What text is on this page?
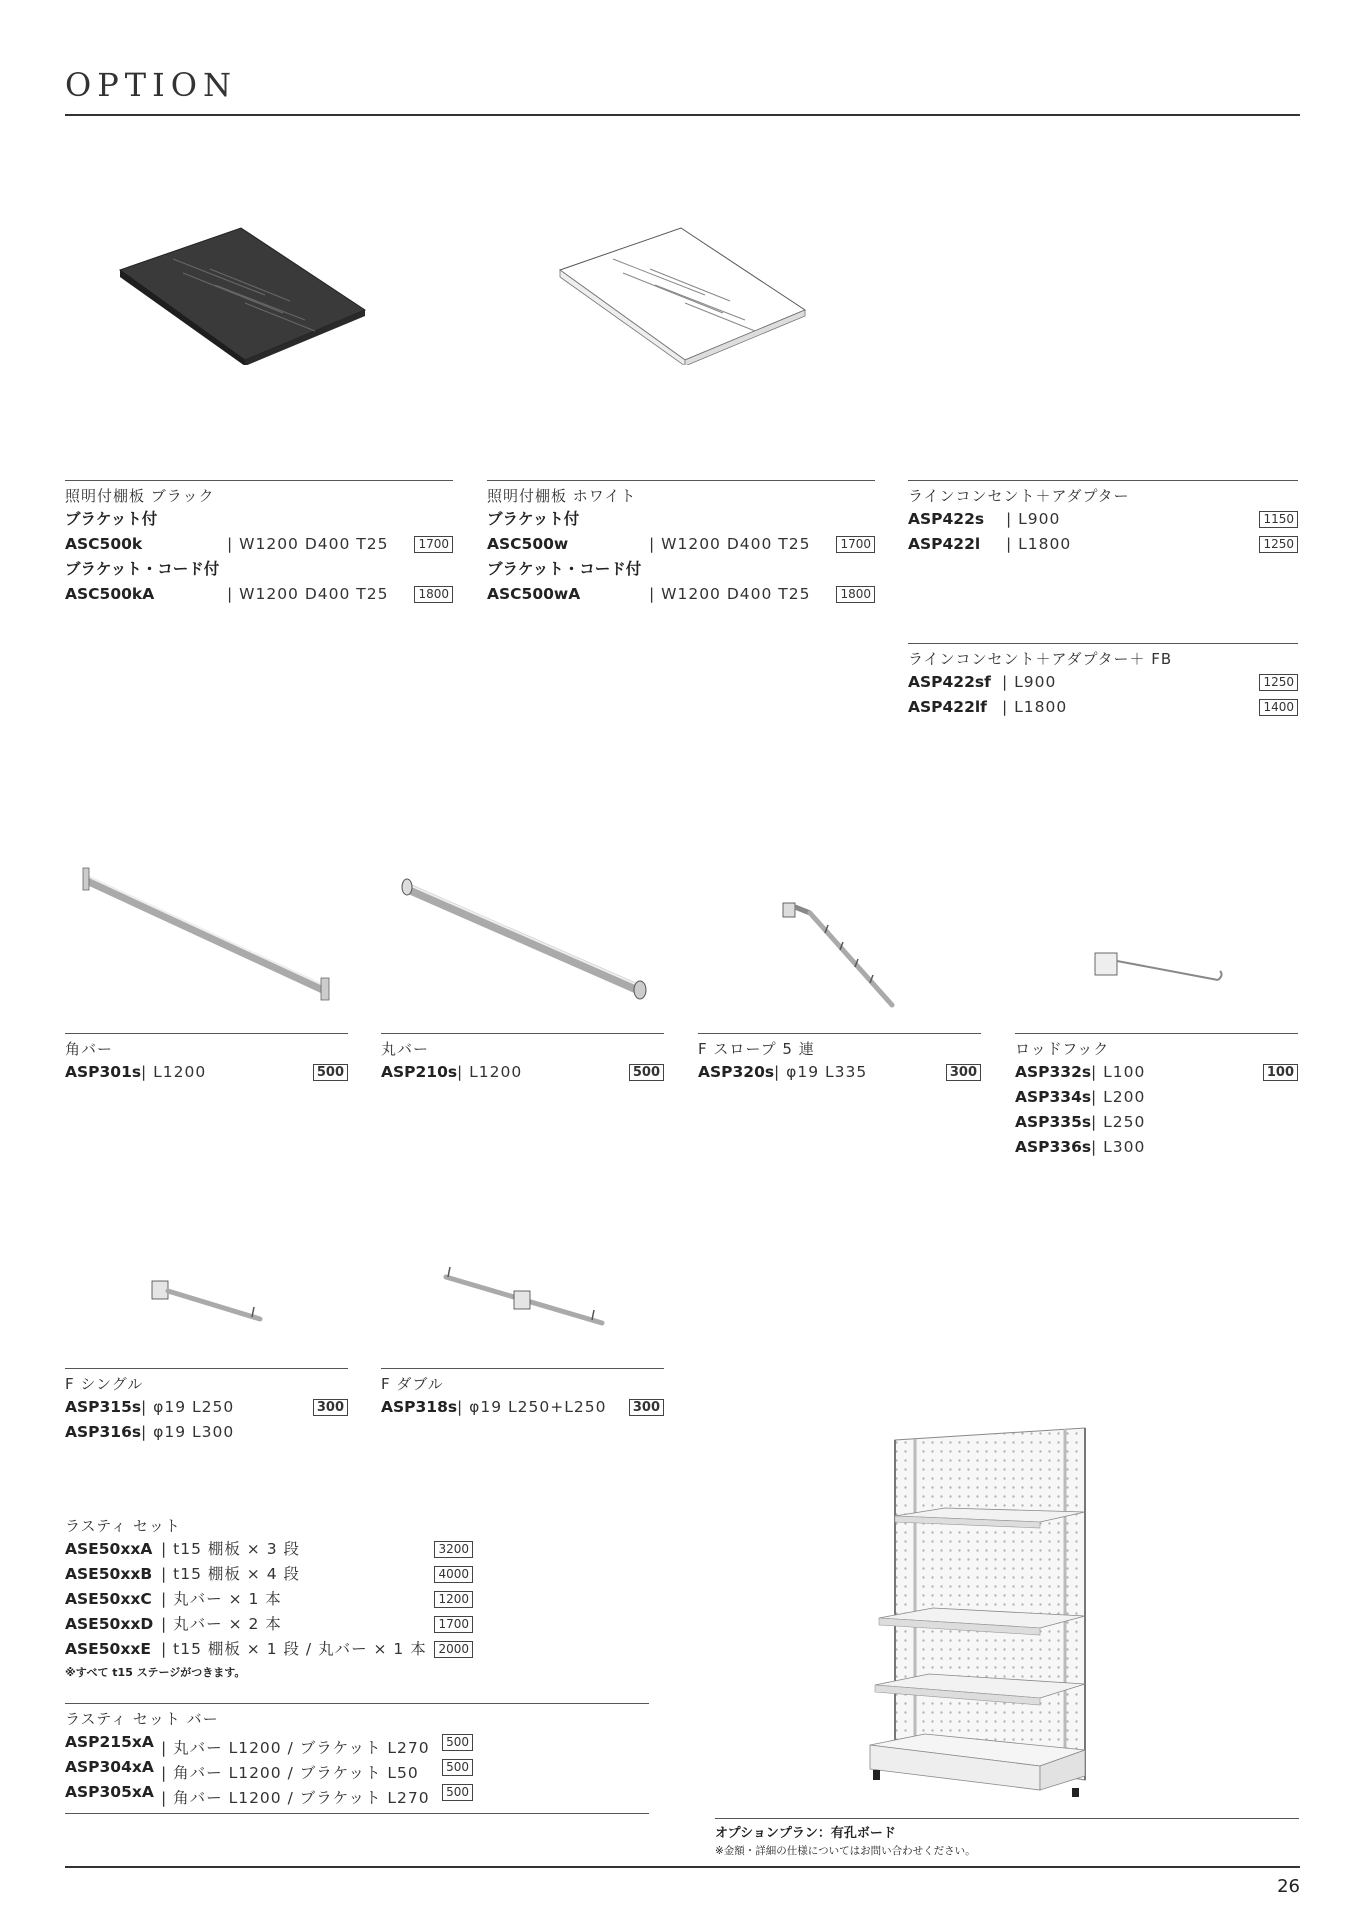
OPTION
照明付棚板 ブラック
ブラケット付
ASC500k	| W1200 D400 T25	1700
ブラケット・コード付
ASC500kA	| W1200 D400 T25	1800
照明付棚板 ホワイト
ブラケット付
ASC500w	| W1200 D400 T25	1700
ブラケット・コード付
ASC500wA	| W1200 D400 T25	1800
ラインコンセント＋アダプター
ASP422s | L900	1150
ASP422l | L1800	1250
ラインコンセント＋アダプター＋ FB
ASP422sf | L900	1250
ASP422lf | L1800	1400
角バー
ASP301s | L1200	500
丸バー
ASP210s | L1200	500
F スロープ 5 連
ASP320s | φ19 L335	300
ロッドフック
ASP332s | L100	100
ASP334s | L200
ASP335s | L250
ASP336s | L300
F シングル
ASP315s | φ19 L250	300
ASP316s | φ19 L300
F ダブル
ASP318s | φ19 L250+L250	300
ラスティ セット
ASE50xxA | t15 棚板 × 3 段	3200
ASE50xxB | t15 棚板 × 4 段	4000
ASE50xxC | 丸バー × 1 本	1200
ASE50xxD | 丸バー × 2 本	1700
ASE50xxE | t15 棚板 × 1 段 / 丸バー × 1 本 2000
※すべて t15 ステージがつきます。
ラスティ セット バー
ASP215xA | 丸バー L1200 / ブラケット L270	500
ASP304xA | 角バー L1200 / ブラケット L50	500
ASP305xA | 角バー L1200 / ブラケット L270	500
オプションプラン：有孔ボード
※金額・詳細の仕様についてはお問い合わせください。
26
